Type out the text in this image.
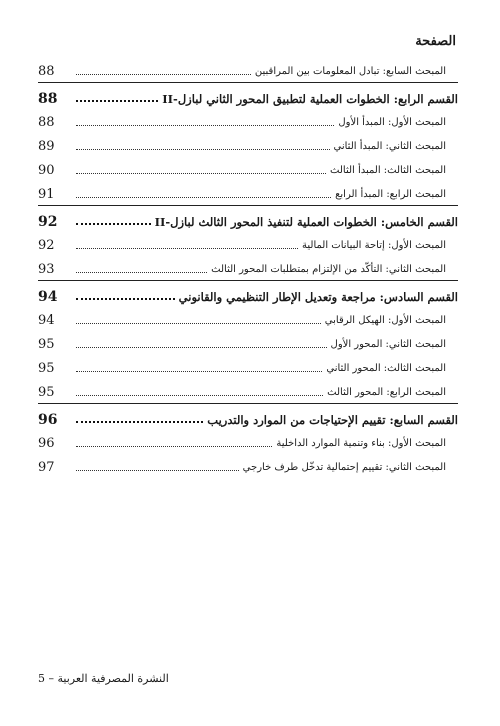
الصفحة
المبحث السابع: تبادل المعلومات بين المراقبين
88
القسم الرابع: الخطوات العملية لتطبيق المحور الثاني لبازل-II
88
المبحث الأول: المبدأ الأول
88
المبحث الثاني: المبدأ الثاني
89
المبحث الثالث: المبدأ الثالث
90
المبحث الرابع: المبدأ الرابع
91
القسم الخامس: الخطوات العملية لتنفيذ المحور الثالث لبازل-II
92
المبحث الأول: إتاحة البيانات المالية
92
المبحث الثاني: التأكّد من الإلتزام بمتطلبات المحور الثالث
93
القسم السادس: مراجعة وتعديل الإطار التنظيمي والقانوني
94
المبحث الأول: الهيكل الرقابي
94
المبحث الثاني: المحور الأول
95
المبحث الثالث: المحور الثاني
95
المبحث الرابع: المحور الثالث
95
القسم السابع: تقييم الإحتياجات من الموارد والتدريب
96
المبحث الأول: بناء وتنمية الموارد الداخلية
96
المبحث الثاني: تقييم إحتمالية تدخّل طرف خارجي
97
النشرة المصرفية العربية – 5
